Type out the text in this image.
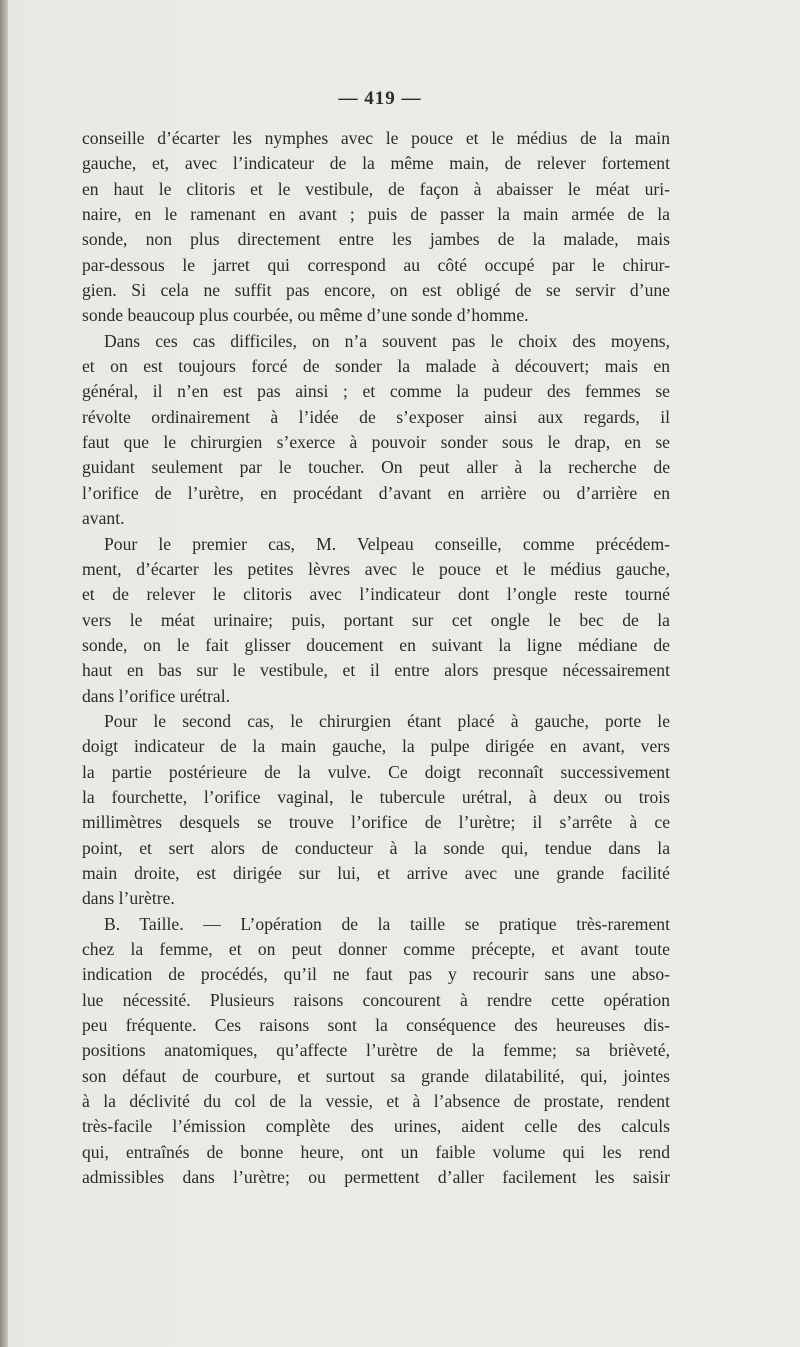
— 419 —
conseille d’écarter les nymphes avec le pouce et le médius de la main
gauche, et, avec l’indicateur de la même main, de relever fortement
en haut le clitoris et le vestibule, de façon à abaisser le méat uri-
naire, en le ramenant en avant ; puis de passer la main armée de la
sonde, non plus directement entre les jambes de la malade, mais
par-dessous le jarret qui correspond au côté occupé par le chirur-
gien. Si cela ne suffit pas encore, on est obligé de se servir d’une
sonde beaucoup plus courbée, ou même d’une sonde d’homme.
Dans ces cas difficiles, on n’a souvent pas le choix des moyens,
et on est toujours forcé de sonder la malade à découvert; mais en
général, il n’en est pas ainsi ; et comme la pudeur des femmes se
révolte ordinairement à l’idée de s’exposer ainsi aux regards, il
faut que le chirurgien s’exerce à pouvoir sonder sous le drap, en se
guidant seulement par le toucher. On peut aller à la recherche de
l’orifice de l’urètre, en procédant d’avant en arrière ou d’arrière en
avant.
Pour le premier cas, M. Velpeau conseille, comme précédem-
ment, d’écarter les petites lèvres avec le pouce et le médius gauche,
et de relever le clitoris avec l’indicateur dont l’ongle reste tourné
vers le méat urinaire; puis, portant sur cet ongle le bec de la
sonde, on le fait glisser doucement en suivant la ligne médiane de
haut en bas sur le vestibule, et il entre alors presque nécessairement
dans l’orifice urétral.
Pour le second cas, le chirurgien étant placé à gauche, porte le
doigt indicateur de la main gauche, la pulpe dirigée en avant, vers
la partie postérieure de la vulve. Ce doigt reconnaît successivement
la fourchette, l’orifice vaginal, le tubercule urétral, à deux ou trois
millimètres desquels se trouve l’orifice de l’urètre; il s’arrête à ce
point, et sert alors de conducteur à la sonde qui, tendue dans la
main droite, est dirigée sur lui, et arrive avec une grande facilité
dans l’urètre.
B. Taille. — L’opération de la taille se pratique très-rarement
chez la femme, et on peut donner comme précepte, et avant toute
indication de procédés, qu’il ne faut pas y recourir sans une abso-
lue nécessité. Plusieurs raisons concourent à rendre cette opération
peu fréquente. Ces raisons sont la conséquence des heureuses dis-
positions anatomiques, qu’affecte l’urètre de la femme; sa brièveté,
son défaut de courbure, et surtout sa grande dilatabilité, qui, jointes
à la déclivité du col de la vessie, et à l’absence de prostate, rendent
très-facile l’émission complète des urines, aident celle des calculs
qui, entraînés de bonne heure, ont un faible volume qui les rend
admissibles dans l’urètre; ou permettent d’aller facilement les saisir
